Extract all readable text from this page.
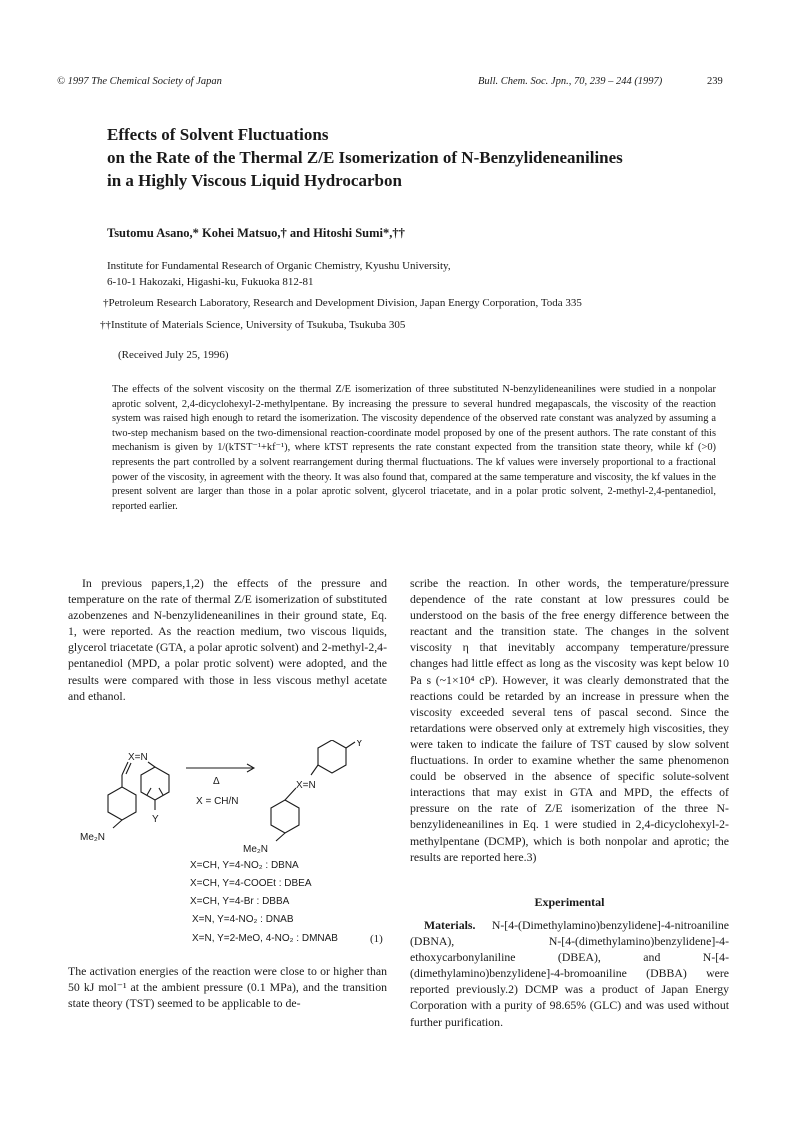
© 1997 The Chemical Society of Japan	Bull. Chem. Soc. Jpn., 70, 239 – 244 (1997)	239
Effects of Solvent Fluctuations
on the Rate of the Thermal Z/E Isomerization of N-Benzylideneanilines
in a Highly Viscous Liquid Hydrocarbon
Tsutomu Asano,* Kohei Matsuo,† and Hitoshi Sumi*,††
Institute for Fundamental Research of Organic Chemistry, Kyushu University,
6-10-1 Hakozaki, Higashi-ku, Fukuoka 812-81
†Petroleum Research Laboratory, Research and Development Division, Japan Energy Corporation, Toda 335
††Institute of Materials Science, University of Tsukuba, Tsukuba 305
(Received July 25, 1996)

The effects of the solvent viscosity on the thermal Z/E isomerization of three substituted N-benzylideneanilines were studied in a nonpolar aprotic solvent, 2,4-dicyclohexyl-2-methylpentane. By increasing the pressure to several hundred megapascals, the viscosity of the reaction system was raised high enough to retard the isomerization. The viscosity dependence of the observed rate constant was analyzed by assuming a two-step mechanism based on the two-dimensional reaction-coordinate model proposed by one of the present authors. The rate constant of this mechanism is given by 1/(kTST⁻¹+kf⁻¹), where kTST represents the rate constant expected from the transition state theory, while kf (>0) represents the part controlled by a solvent rearrangement during thermal fluctuations. The kf values were inversely proportional to a fractional power of the viscosity, in agreement with the theory. It was also found that, compared at the same temperature and viscosity, the kf values in the present solvent are larger than those in a polar aprotic solvent, glycerol triacetate, and in a polar protic solvent, 2-methyl-2,4-pentanediol, reported earlier.

In previous papers,1,2) the effects of the pressure and temperature on the rate of thermal Z/E isomerization of substituted azobenzenes and N-benzylideneanilines in their ground state, Eq. 1, were reported. As the reaction medium, two viscous liquids, glycerol triacetate (GTA, a polar aprotic solvent) and 2-methyl-2,4-pentanediol (MPD, a polar protic solvent) were adopted, and the results were compared with those in less viscous methyl acetate and ethanol.

X=N
Δ
X = CH/N
Me₂N
Y
X=N
Me₂N
Y
X=CH, Y=4-NO₂ : DBNA
X=CH, Y=4-COOEt : DBEA
X=CH, Y=4-Br : DBBA
X=N, Y=4-NO₂ : DNAB
X=N, Y=2-MeO, 4-NO₂ : DMNAB	(1)

The activation energies of the reaction were close to or higher than 50 kJ mol⁻¹ at the ambient pressure (0.1 MPa), and the transition state theory (TST) seemed to be applicable to de-

scribe the reaction. In other words, the temperature/pressure dependence of the rate constant at low pressures could be understood on the basis of the free energy difference between the reactant and the transition state. The changes in the solvent viscosity η that inevitably accompany temperature/pressure changes had little effect as long as the viscosity was kept below 10 Pa s (~1×10⁴ cP). However, it was clearly demonstrated that the reactions could be retarded by an increase in pressure when the viscosity exceeded several tens of pascal second. Since the retardations were observed only at extremely high viscosities, they were taken to indicate the failure of TST caused by slow solvent fluctuations. In order to examine whether the same phenomenon could be observed in the absence of specific solute-solvent interactions that may exist in GTA and MPD, the effects of pressure on the rate of Z/E isomerization of the three N-benzylideneanilines in Eq. 1 were studied in 2,4-dicyclohexyl-2-methylpentane (DCMP), which is both nonpolar and aprotic; the results are reported here.3)

Experimental

Materials. N-[4-(Dimethylamino)benzylidene]-4-nitroaniline (DBNA), N-[4-(dimethylamino)benzylidene]-4-ethoxycarbonylaniline (DBEA), and N-[4-(dimethylamino)benzylidene]-4-bromoaniline (DBBA) were reported previously.2) DCMP was a product of Japan Energy Corporation with a purity of 98.65% (GLC) and was used without further purification.
